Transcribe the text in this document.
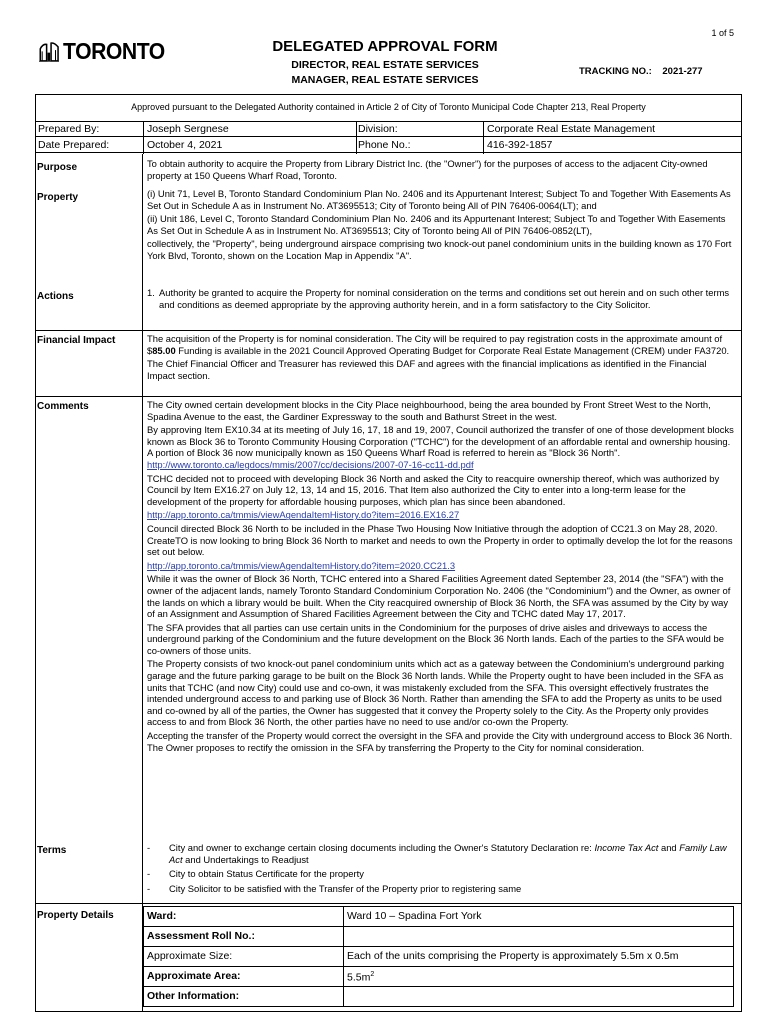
TORONTO
1 of 5
DELEGATED APPROVAL FORM
DIRECTOR, REAL ESTATE SERVICES
MANAGER, REAL ESTATE SERVICES
TRACKING NO.: 2021-277
Approved pursuant to the Delegated Authority contained in Article 2 of City of Toronto Municipal Code Chapter 213, Real Property
Prepared By:	Joseph Sergnese	Division:	Corporate Real Estate Management
Date Prepared:	October 4, 2021	Phone No.:	416-392-1857
Purpose	To obtain authority to acquire the Property from Library District Inc. (the "Owner") for the purposes of access to the adjacent City-owned property at 150 Queens Wharf Road, Toronto.

Property	(i) Unit 71, Level B, Toronto Standard Condominium Plan No. 2406 and its Appurtenant Interest; Subject To and Together With Easements As Set Out in Schedule A as in Instrument No. AT3695513; City of Toronto being All of PIN 76406-0064(LT); and

(ii) Unit 186, Level C, Toronto Standard Condominium Plan No. 2406 and its Appurtenant Interest; Subject To and Together With Easements As Set Out in Schedule A as in Instrument No. AT3695513; City of Toronto being All of PIN 76406-0852(LT),

collectively, the "Property", being underground airspace comprising two knock-out panel condominium units in the building known as 170 Fort York Blvd, Toronto, shown on the Location Map in Appendix "A".

Actions	1. Authority be granted to acquire the Property for nominal consideration on the terms and conditions set out herein and on such other terms and conditions as deemed appropriate by the approving authority herein, and in a form satisfactory to the City Solicitor.
Financial Impact	The acquisition of the Property is for nominal consideration. The City will be required to pay registration costs in the approximate amount of $85.00 Funding is available in the 2021 Council Approved Operating Budget for Corporate Real Estate Management (CREM) under FA3720.

The Chief Financial Officer and Treasurer has reviewed this DAF and agrees with the financial implications as identified in the Financial Impact section.

Comments	The City owned certain development blocks in the City Place neighbourhood, being the area bounded by Front Street West to the North, Spadina Avenue to the east, the Gardiner Expressway to the south and Bathurst Street in the west.

By approving Item EX10.34 at its meeting of July 16, 17, 18 and 19, 2007, Council authorized the transfer of one of those development blocks known as Block 36 to Toronto Community Housing Corporation ("TCHC") for the development of an affordable rental and ownership housing. A portion of Block 36 now municipally known as 150 Queens Wharf Road is referred to herein as "Block 36 North". http://www.toronto.ca/legdocs/mmis/2007/cc/decisions/2007-07-16-cc11-dd.pdf

TCHC decided not to proceed with developing Block 36 North and asked the City to reacquire ownership thereof, which was authorized by Council by Item EX16.27 on July 12, 13, 14 and 15, 2016. That Item also authorized the City to enter into a long-term lease for the development of the property for affordable housing purposes, which plan has since been abandoned.

http://app.toronto.ca/tmmis/viewAgendaItemHistory.do?item=2016.EX16.27

Council directed Block 36 North to be included in the Phase Two Housing Now Initiative through the adoption of CC21.3 on May 28, 2020. CreateTO is now looking to bring Block 36 North to market and needs to own the Property in order to optimally develop the lot for the reasons set out below.

http://app.toronto.ca/tmmis/viewAgendaItemHistory.do?item=2020.CC21.3

While it was the owner of Block 36 North, TCHC entered into a Shared Facilities Agreement dated September 23, 2014 (the "SFA") with the owner of the adjacent lands, namely Toronto Standard Condominium Corporation No. 2406 (the "Condominium") and the Owner, as owner of the lands on which a library would be built. When the City reacquired ownership of Block 36 North, the SFA was assumed by the City by way of an Assignment and Assumption of Shared Facilities Agreement between the City and TCHC dated May 17, 2017.

The SFA provides that all parties can use certain units in the Condominium for the purposes of drive aisles and driveways to access the underground parking of the Condominium and the future development on the Block 36 North lands. Each of the parties to the SFA would be co-owners of those units.

The Property consists of two knock-out panel condominium units which act as a gateway between the Condominium's underground parking garage and the future parking garage to be built on the Block 36 North lands. While the Property ought to have been included in the SFA as units that TCHC (and now City) could use and co-own, it was mistakenly excluded from the SFA. This oversight effectively frustrates the intended underground access to and parking use of Block 36 North. Rather than amending the SFA to add the Property as units to be used and co-owned by all of the parties, the Owner has suggested that it convey the Property solely to the City. As the Property only provides access to and from Block 36 North, the other parties have no need to use and/or co-own the Property.

Accepting the transfer of the Property would correct the oversight in the SFA and provide the City with underground access to Block 36 North. The Owner proposes to rectify the omission in the SFA by transferring the Property to the City for nominal consideration.

Terms	- City and owner to exchange certain closing documents including the Owner's Statutory Declaration re: Income Tax Act and Family Law Act and Undertakings to Readjust
- City to obtain Status Certificate for the property
- City Solicitor to be satisfied with the Transfer of the Property prior to registering same
Property Details	Ward:	Ward 10 – Spadina Fort York
Assessment Roll No.:	
Approximate Size:	Each of the units comprising the Property is approximately 5.5m x 0.5m
Approximate Area:	$5.5m^2$
Other Information:	
